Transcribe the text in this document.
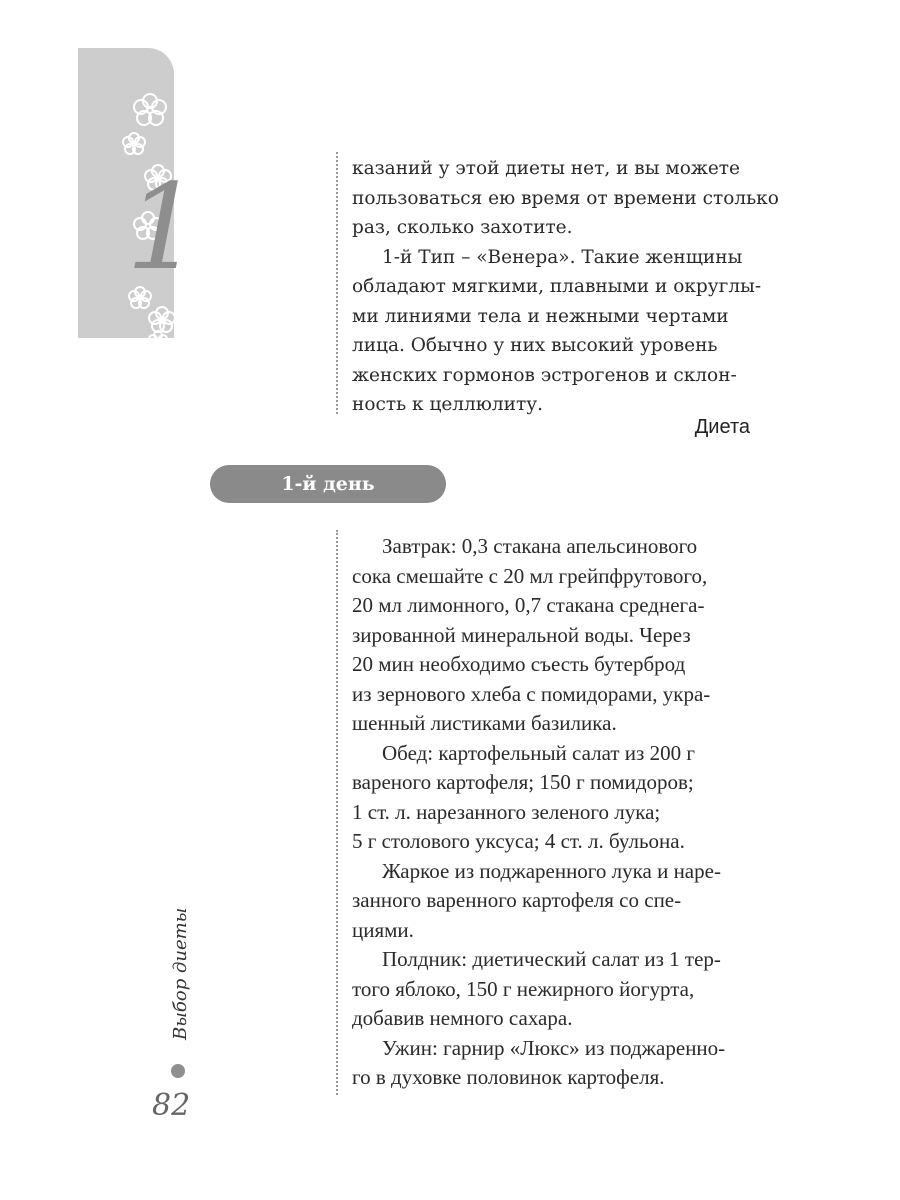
1	казаний у этой диеты нет, и вы можете
пользоваться ею время от времени столько
раз, сколько захотите.
1-й Тип – «Венера». Такие женщины
обладают мягкими, плавными и округлы-
ми линиями тела и нежными чертами
лица. Обычно у них высокий уровень
женских гормонов эстрогенов и склон-
ность к целлюлиту.

Диета

1-й день
Завтрак: 0,3 стакана апельсинового
сока смешайте с 20 мл грейпфрутового,
20 мл лимонного, 0,7 стакана среднега-
зированной минеральной воды. Через
20 мин необходимо съесть бутерброд
из зернового хлеба с помидорами, укра-
шенный листиками базилика.
Обед: картофельный салат из 200 г
вареного картофеля; 150 г помидоров;
1 ст. л. нарезанного зеленого лука;
5 г столового уксуса; 4 ст. л. бульона.
Жаркое из поджаренного лука и наре-
занного варенного картофеля со спе-
циями.
Полдник: диетический салат из 1 тер-
того яблоко, 150 г нежирного йогурта,
добавив немного сахара.
Ужин: гарнир «Люкс» из поджаренно-
го в духовке половинок картофеля.

Выбор диеты

82
